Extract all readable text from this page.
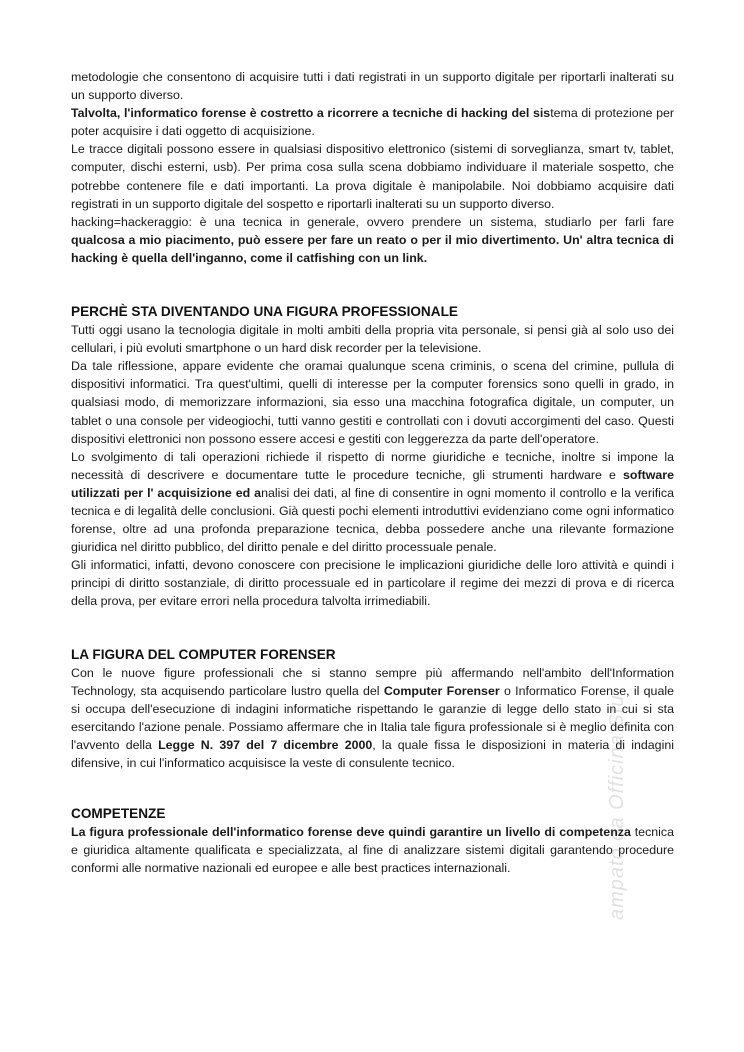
metodologie che consentono di acquisire tutti i dati registrati in un supporto digitale per riportarli inalterati su un supporto diverso.

Talvolta, l'informatico forense è costretto a ricorrere a tecniche di hacking del sistema di protezione per poter acquisire i dati oggetto di acquisizione.

Le tracce digitali possono essere in qualsiasi dispositivo elettronico (sistemi di sorveglianza, smart tv, tablet, computer, dischi esterni, usb). Per prima cosa sulla scena dobbiamo individuare il materiale sospetto, che potrebbe contenere file e dati importanti. La prova digitale è manipolabile. Noi dobbiamo acquisire dati registrati in un supporto digitale del sospetto e riportarli inalterati su un supporto diverso.

hacking=hackeraggio: è una tecnica in generale, ovvero prendere un sistema, studiarlo per farli fare qualcosa a mio piacimento, può essere per fare un reato o per il mio divertimento. Un' altra tecnica di hacking è quella dell'inganno, come il catfishing con un link.

PERCHÈ STA DIVENTANDO UNA FIGURA PROFESSIONALE

Tutti oggi usano la tecnologia digitale in molti ambiti della propria vita personale, si pensi già al solo uso dei cellulari, i più evoluti smartphone o un hard disk recorder per la televisione.

Da tale riflessione, appare evidente che oramai qualunque scena criminis, o scena del crimine, pullula di dispositivi informatici. Tra quest'ultimi, quelli di interesse per la computer forensics sono quelli in grado, in qualsiasi modo, di memorizzare informazioni, sia esso una macchina fotografica digitale, un computer, un tablet o una console per videogiochi, tutti vanno gestiti e controllati con i dovuti accorgimenti del caso. Questi dispositivi elettronici non possono essere accesi e gestiti con leggerezza da parte dell'operatore.

Lo svolgimento di tali operazioni richiede il rispetto di norme giuridiche e tecniche, inoltre si impone la necessità di descrivere e documentare tutte le procedure tecniche, gli strumenti hardware e software utilizzati per l' acquisizione ed analisi dei dati, al fine di consentire in ogni momento il controllo e la verifica tecnica e di legalità delle conclusioni. Già questi pochi elementi introduttivi evidenziano come ogni informatico forense, oltre ad una profonda preparazione tecnica, debba possedere anche una rilevante formazione giuridica nel diritto pubblico, del diritto penale e del diritto processuale penale.

Gli informatici, infatti, devono conoscere con precisione le implicazioni giuridiche delle loro attività e quindi i principi di diritto sostanziale, di diritto processuale ed in particolare il regime dei mezzi di prova e di ricerca della prova, per evitare errori nella procedura talvolta irrimediabili.

LA FIGURA DEL COMPUTER FORENSER

Con le nuove figure professionali che si stanno sempre più affermando nell'ambito dell'Information Technology, sta acquisendo particolare lustro quella del Computer Forenser o Informatico Forense, il quale si occupa dell'esecuzione di indagini informatiche rispettando le garanzie di legge dello stato in cui si sta esercitando l'azione penale. Possiamo affermare che in Italia tale figura professionale si è meglio definita con l'avvento della Legge N. 397 del 7 dicembre 2000, la quale fissa le disposizioni in materia di indagini difensive, in cui l'informatico acquisisce la veste di consulente tecnico.

COMPETENZE

La figura professionale dell'informatico forense deve quindi garantire un livello di competenza tecnica e giuridica altamente qualificata e specializzata, al fine di analizzare sistemi digitali garantendo procedure conformi alle normative nazionali ed europee e alle best practices internazionali.	ampato da Officina Stu
